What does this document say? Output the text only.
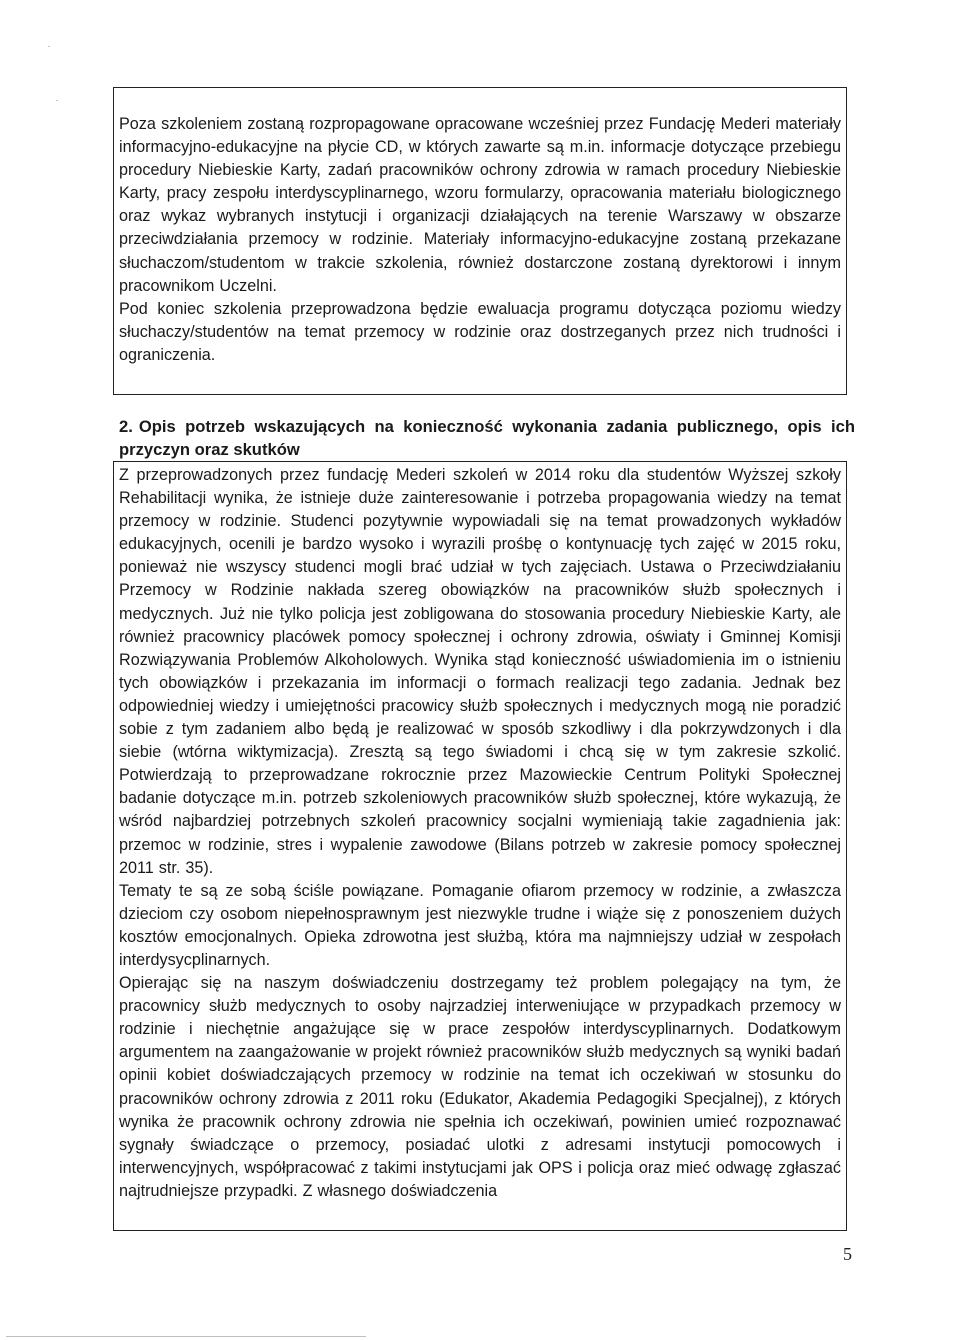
Poza szkoleniem zostaną rozpropagowane opracowane wcześniej przez Fundację Mederi materiały informacyjno-edukacyjne na płycie CD, w których zawarte są m.in. informacje dotyczące przebiegu procedury Niebieskie Karty, zadań pracowników ochrony zdrowia w ramach procedury Niebieskie Karty, pracy zespołu interdyscyplinarnego, wzoru formularzy, opracowania materiału biologicznego oraz wykaz wybranych instytucji i organizacji działających na terenie Warszawy w obszarze przeciwdziałania przemocy w rodzinie. Materiały informacyjno-edukacyjne zostaną przekazane słuchaczom/studentom w trakcie szkolenia, również dostarczone zostaną dyrektorowi i innym pracownikom Uczelni.

Pod koniec szkolenia przeprowadzona będzie ewaluacja programu dotycząca poziomu wiedzy słuchaczy/studentów na temat przemocy w rodzinie oraz dostrzeganych przez nich trudności i ograniczenia.

2. Opis potrzeb wskazujących na konieczność wykonania zadania publicznego, opis ich przyczyn oraz skutków

Z przeprowadzonych przez fundację Mederi szkoleń w 2014 roku dla studentów Wyższej szkoły Rehabilitacji wynika, że istnieje duże zainteresowanie i potrzeba propagowania wiedzy na temat przemocy w rodzinie. Studenci pozytywnie wypowiadali się na temat prowadzonych wykładów edukacyjnych, ocenili je bardzo wysoko i wyrazili prośbę o kontynuację tych zajęć w 2015 roku, ponieważ nie wszyscy studenci mogli brać udział w tych zajęciach. Ustawa o Przeciwdziałaniu Przemocy w Rodzinie nakłada szereg obowiązków na pracowników służb społecznych i medycznych. Już nie tylko policja jest zobligowana do stosowania procedury Niebieskie Karty, ale również pracownicy placówek pomocy społecznej i ochrony zdrowia, oświaty i Gminnej Komisji Rozwiązywania Problemów Alkoholowych. Wynika stąd konieczność uświadomienia im o istnieniu tych obowiązków i przekazania im informacji o formach realizacji tego zadania. Jednak bez odpowiedniej wiedzy i umiejętności pracowicy służb społecznych i medycznych mogą nie poradzić sobie z tym zadaniem albo będą je realizować w sposób szkodliwy i dla pokrzywdzonych i dla siebie (wtórna wiktymizacja). Zresztą są tego świadomi i chcą się w tym zakresie szkolić. Potwierdzają to przeprowadzane rokrocznie przez Mazowieckie Centrum Polityki Społecznej badanie dotyczące m.in. potrzeb szkoleniowych pracowników służb społecznej, które wykazują, że wśród najbardziej potrzebnych szkoleń pracownicy socjalni wymieniają takie zagadnienia jak: przemoc w rodzinie, stres i wypalenie zawodowe (Bilans potrzeb w zakresie pomocy społecznej 2011 str. 35).

Tematy te są ze sobą ściśle powiązane. Pomaganie ofiarom przemocy w rodzinie, a zwłaszcza dzieciom czy osobom niepełnosprawnym jest niezwykle trudne i wiąże się z ponoszeniem dużych kosztów emocjonalnych. Opieka zdrowotna jest służbą, która ma najmniejszy udział w zespołach interdysycplinarnych.

Opierając się na naszym doświadczeniu dostrzegamy też problem polegający na tym, że pracownicy służb medycznych to osoby najrzadziej interweniujące w przypadkach przemocy w rodzinie i niechętnie angażujące się w prace zespołów interdyscyplinarnych. Dodatkowym argumentem na zaangażowanie w projekt również pracowników służb medycznych są wyniki badań opinii kobiet doświadczających przemocy w rodzinie na temat ich oczekiwań w stosunku do pracowników ochrony zdrowia z 2011 roku (Edukator, Akademia Pedagogiki Specjalnej), z których wynika że pracownik ochrony zdrowia nie spełnia ich oczekiwań, powinien umieć rozpoznawać sygnały świadczące o przemocy, posiadać ulotki z adresami instytucji pomocowych i interwencyjnych, współpracować z takimi instytucjami jak OPS i policja oraz mieć odwagę zgłaszać najtrudniejsze przypadki. Z własnego doświadczenia

5
